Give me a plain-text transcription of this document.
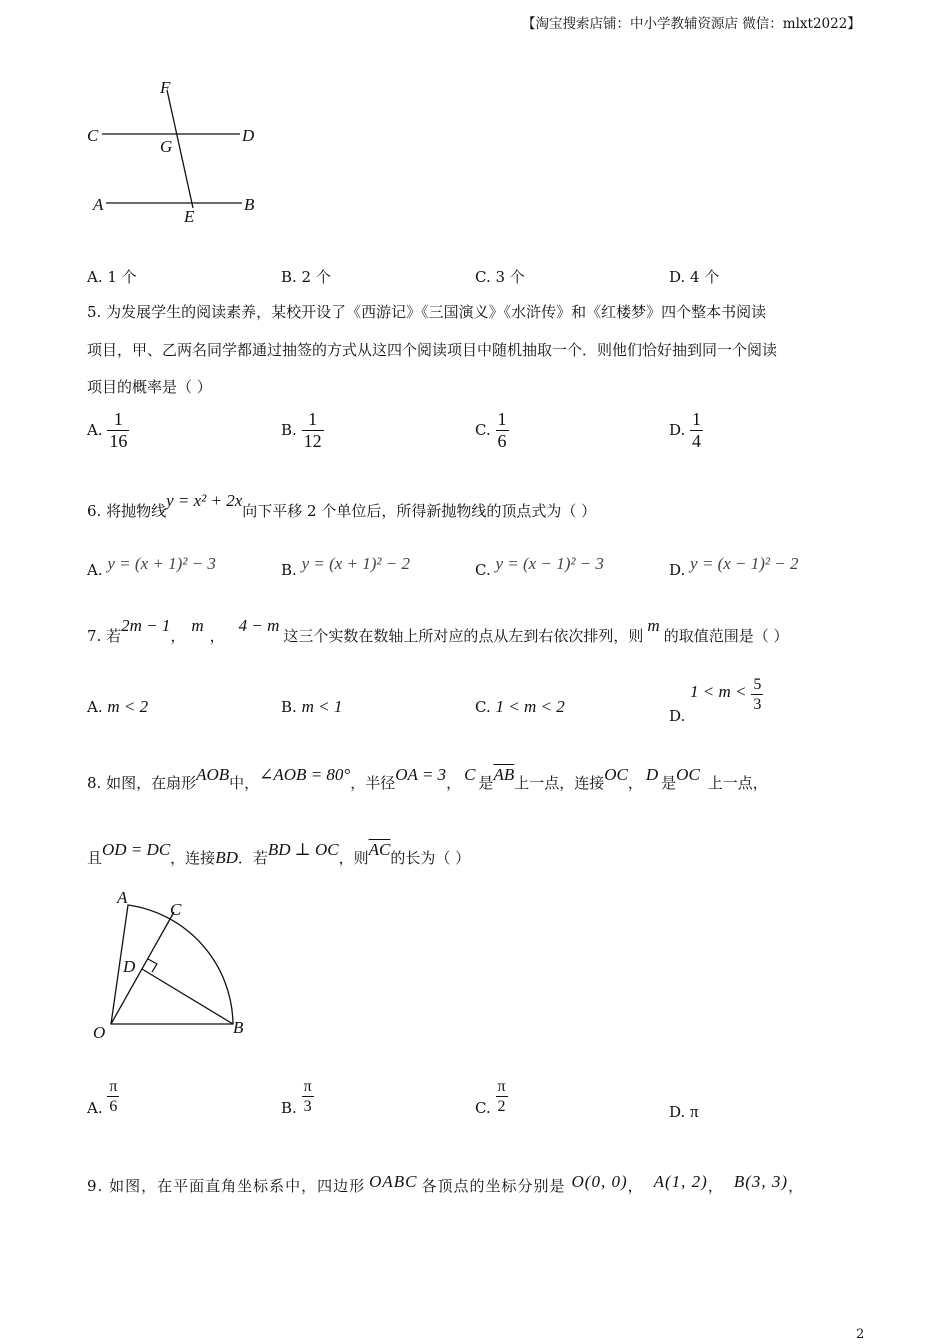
【淘宝搜索店铺：中小学教辅资源店 微信：mlxt2022】
F
C
G
D
A
E
B
A. 1 个	B. 2 个	C. 3 个	D. 4 个
5. 为发展学生的阅读素养，某校开设了《西游记》《三国演义》《水浒传》和《红楼梦》四个整本书阅读
项目，甲、乙两名同学都通过抽签的方式从这四个阅读项目中随机抽取一个．则他们恰好抽到同一个阅读
项目的概率是（ ）
A. $\frac{1}{16}$	B. $\frac{1}{12}$	C. $\frac{1}{6}$	D. $\frac{1}{4}$
6. 将抛物线y = x² + 2x向下平移 2 个单位后，所得新抛物线的顶点式为（ ）
A. y = (x + 1)² − 3	B. y = (x + 1)² − 2	C. y = (x − 1)² − 3	D. y = (x − 1)² − 2
7. 若2m − 1，m，4 − m这三个实数在数轴上所对应的点从左到右依次排列，则m的取值范围是（ ）
A. m < 2	B. m < 1	C. 1 < m < 2	D. $1 < m < \frac{5}{3}$
8. 如图，在扇形AOB中，∠AOB = 80°，半径OA = 3， C 是$\overline{AB}$上一点，连接OC， D 是OC 上一点，
且OD = DC，连接BD．若BD ⊥ OC，则$\overline{AC}$的长为（ ）
A
C
D
O	B
A. $\frac{\pi}{6}$	B. $\frac{\pi}{3}$	C. $\frac{\pi}{2}$	D. π
9. 如图，在平面直角坐标系中，四边形 OABC 各顶点的坐标分别是 O(0, 0)， A(1, 2)， B(3, 3)，
2
